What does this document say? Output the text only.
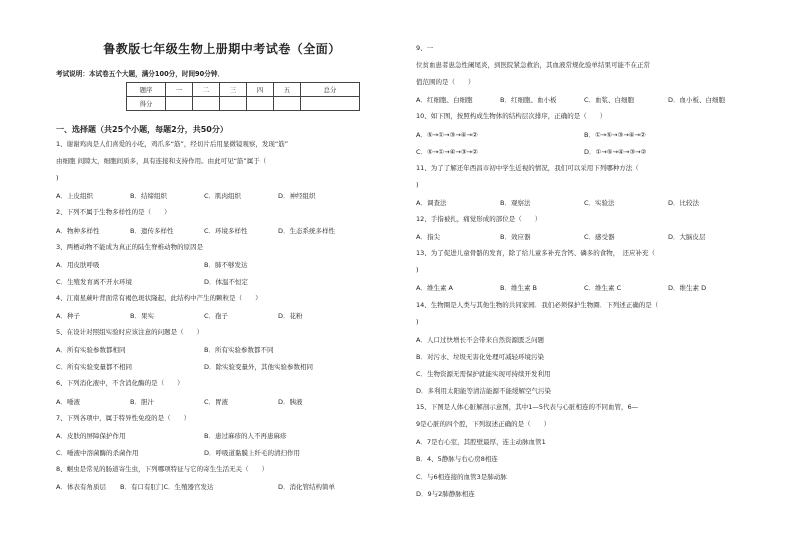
鲁教版七年级生物上册期中考试卷（全面）
考试说明：本试卷五个大题，满分100分，时间90分钟．
题序	一	二	三	四	五	总分
得分						
一、选择题（共25个小题，每题2分，共50分）
1、谢谢鸡肉是人们喜爱的小吃，鸡爪多“筋”，经切片后用显微镜观察，发现“筋”
由细胞 间隙大，细胞间质多，具有连接和支持作用。由此可见“筋”属于（
)
A．上皮组织	B．结缔组织	C．肌肉组织	D．神经组织
2、下列不属于生物多样性的是（　　）
A．物种多样性	B．遗传多样性	C．环境多样性	D．生态系统多样性
3、两栖动物不能成为真正的陆生脊椎动物的原因是
A．用皮肤呼吸	B．肺不够发达
C．生殖发育离不开水环境	D．体温不恒定
4、江南星蕨叶背面常有褐色斑状隆起，此结构中产生的颗粒是（　　）
A．种子	B．果实	C．孢子	D．花粉
5、在设计对照组实验时应该注意的问题是（　　）
A．所有实验参数都相同	B．所有实验参数都不同
C．所有实验变量都不相同	D．除实验变量外，其他实验参数相同
6、下列消化液中，不含消化酶的是（　　）
A．唾液	B．胆汁	C．胃液	D．胰液
7、下列各项中，属于特异性免疫的是（　　）
A．皮肤的屏障保护作用	B．患过麻疹的人不再患麻疹
C．唾液中溶菌酶的杀菌作用	D．呼吸道黏膜上纤毛的清扫作用
8、蛔虫是常见的肠道寄生虫，下列哪项特征与它的寄生生活无关（　　）
A．体表有角质层 B．有口有肛门C．生殖器官发达	D．消化管结构简单
9、一
位贫血患者患急性阑尾炎，到医院紧急救治，其血液常规化验单结果可能不在正常
值范围的是（　　）
A．红细胞、白细胞	B．红细胞、血小板	C．血浆、白细胞	D．血小板、白细胞
10、如下图，按照构成生物体的结构层次排序，正确的是（　　）
A．⑤→①→③→④→②	B．①→⑤→③→④→②
C．⑤→①→④→③→②	D．①→⑤→④→③→②
11、为了了解还年西昌市初中学生近视的情况，我们可以采用下列哪种方法（
)
A．调查法	B．观察法	C．实验法	D．比较法
12、手指被扎，痛觉形成的部位是（　　）
A．指尖	B．效应器	C．感受器	D．大脑皮层
13、为了促进儿童骨骼的发育，除了给儿童多补充含钙、磷多的食物，　还应补充（
)
A．维生素 A	B．维生素 B	C．维生素 C	D．维生素 D
14、生物圈是人类与其他生物的共同家园．我们必须保护生物圈．下列述正确的是（
)
A．人口过快增长不会带来自然资源匮乏问题
B．对污水、垃圾无害化处理可减轻环境污染
C．生物资源无需保护就能实现可持续开发利用
D．多利用太阳能等清洁能源不能缓解空气污染
15、下图是人体心脏解剖示意图，其中1—5代表与心脏相连的不同血管，6—
9是心脏的四个腔，下列叙述正确的是（　　）
A．7是右心室，其腔壁最厚，连主动脉血管1
B．4、5静脉与右心房8相连
C．与6相连接的血管3是肺动脉
D．9与2肺静脉相连
